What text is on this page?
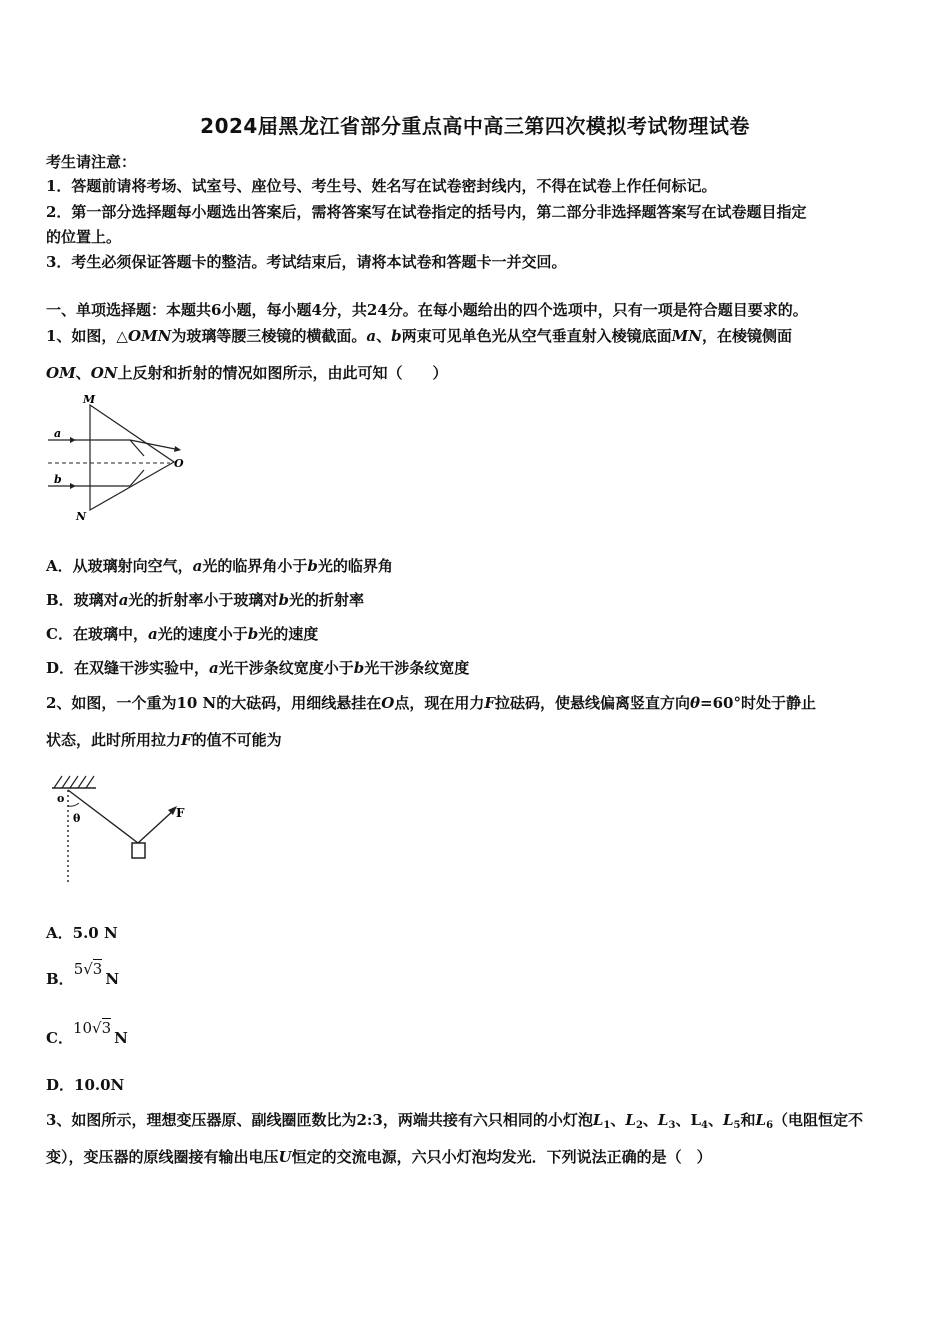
2024届黑龙江省部分重点高中高三第四次模拟考试物理试卷
考生请注意：
1．答题前请将考场、试室号、座位号、考生号、姓名写在试卷密封线内，不得在试卷上作任何标记。
2．第一部分选择题每小题选出答案后，需将答案写在试卷指定的括号内，第二部分非选择题答案写在试卷题目指定
的位置上。
3．考生必须保证答题卡的整洁。考试结束后，请将本试卷和答题卡一并交回。
一、单项选择题：本题共6小题，每小题4分，共24分。在每小题给出的四个选项中，只有一项是符合题目要求的。
1、如图，△OMN为玻璃等腰三棱镜的横截面。a、b两束可见单色光从空气垂直射入棱镜底面MN，在棱镜侧面
OM、ON上反射和折射的情况如图所示，由此可知（　　）
M
N
O
a
b
A．从玻璃射向空气，a光的临界角小于b光的临界角
B．玻璃对a光的折射率小于玻璃对b光的折射率
C．在玻璃中，a光的速度小于b光的速度
D．在双缝干涉实验中，a光干涉条纹宽度小于b光干涉条纹宽度
2、如图，一个重为10 N的大砝码，用细线悬挂在O点，现在用力F拉砝码，使悬线偏离竖直方向θ=60°时处于静止
状态，此时所用拉力F的值不可能为
o
θ	F
A．5.0 N
B．5√3N
C．10√3N
D．10.0N
3、如图所示，理想变压器原、副线圈匝数比为2:3，两端共接有六只相同的小灯泡$L_1$、$L_2$、$L_3$、$L_4$、$L_5$和$L_6$（电阻恒定不
变），变压器的原线圈接有输出电压U恒定的交流电源，六只小灯泡均发光．下列说法正确的是（　）
